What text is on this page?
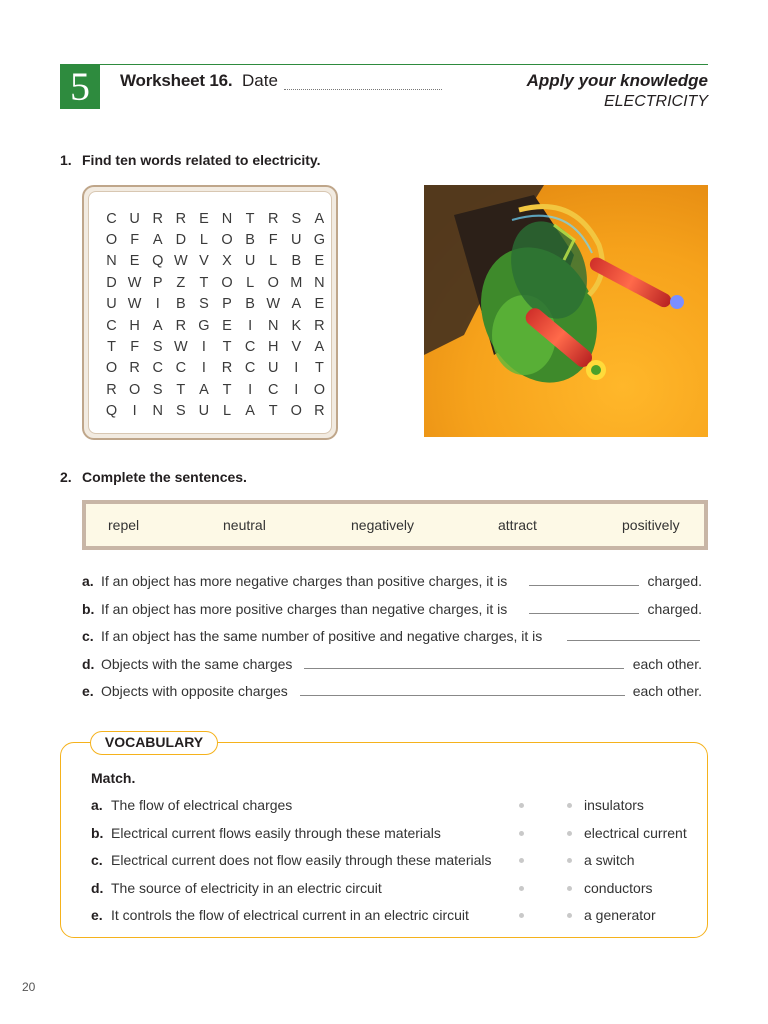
5	Worksheet 16. Date	Apply your knowledge
ELECTRICITY
1. Find ten words related to electricity.
C U R R E N T R S A
O F A D L O B F U G
N E Q W V X U L B E
D W P Z T O L O M N
U W I	B S P B W A E
C H A R G E	I	N K R
T F S W I	T C H V A
O R C C	I	R C U	I	T
R O S T A T	I	C	I	O
Q	I	N S U L A T O R
2. Complete the sentences.
repel	neutral	negatively	attract	positively
a. If an object has more negative charges than positive charges, it is	charged.
b. If an object has more positive charges than negative charges, it is	charged.
c. If an object has the same number of positive and negative charges, it is
d. Objects with the same charges	each other.
e. Objects with opposite charges	each other.
VOCABULARY
Match.
a. The flow of electrical charges
b. Electrical current flows easily through these materials
c. Electrical current does not flow easily through these materials
d. The source of electricity in an electric circuit
e. It controls the flow of electrical current in an electric circuit
insulators
electrical current
a switch
conductors
a generator
20
